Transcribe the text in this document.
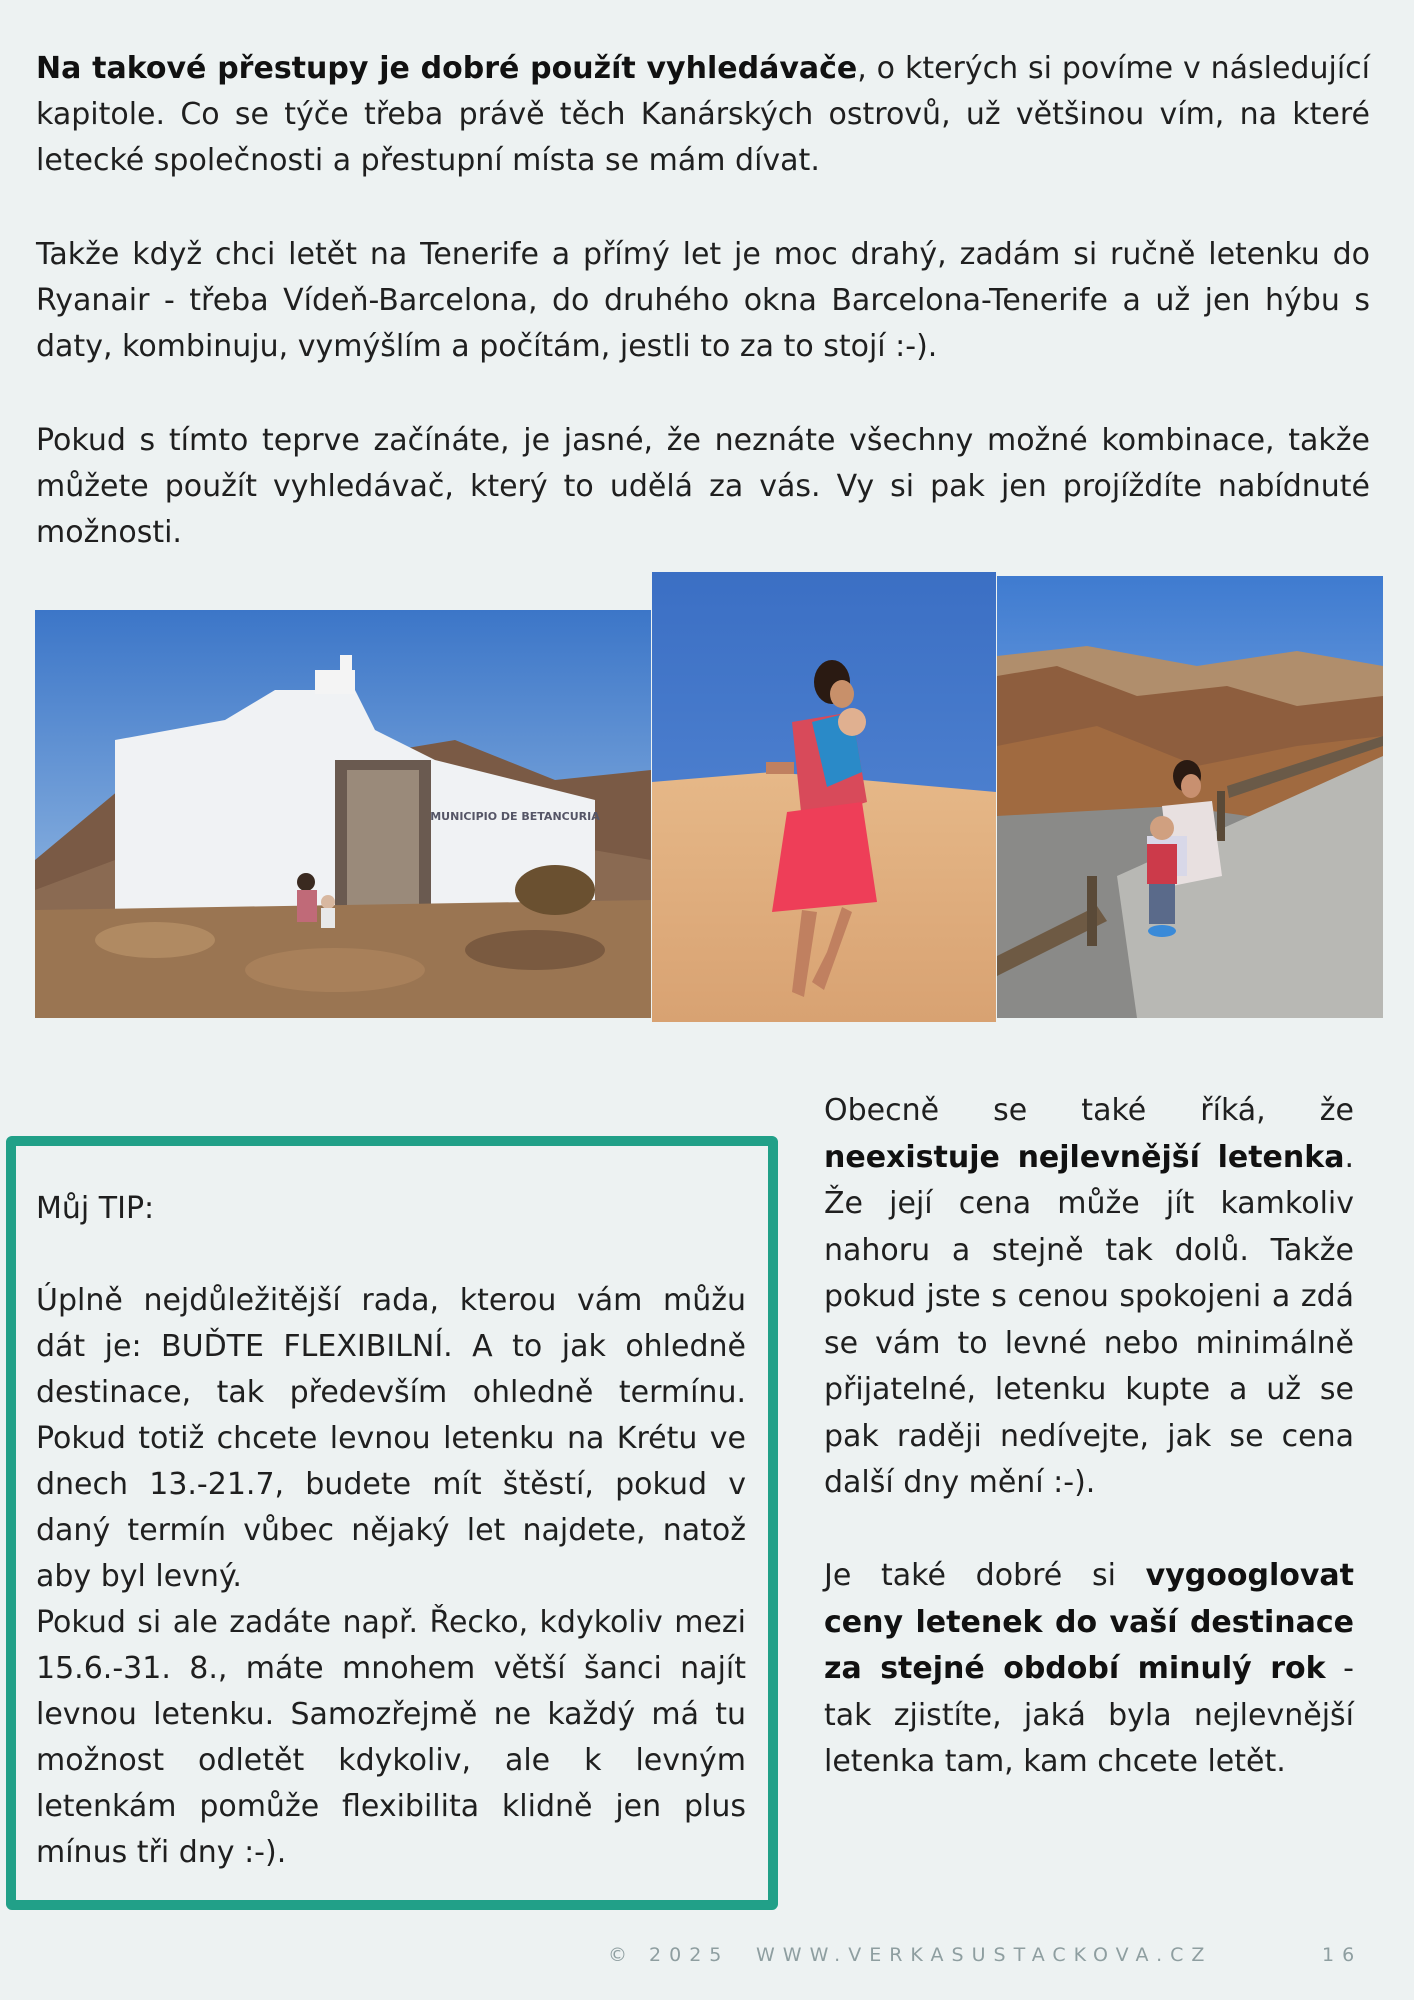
Na takové přestupy je dobré použít vyhledávače, o kterých si povíme v následující kapitole. Co se týče třeba právě těch Kanárských ostrovů, už většinou vím, na které letecké společnosti a přestupní místa se mám dívat.

Takže když chci letět na Tenerife a přímý let je moc drahý, zadám si ručně letenku do Ryanair - třeba Vídeň-Barcelona, do druhého okna Barcelona-Tenerife a už jen hýbu s daty, kombinuju, vymýšlím a počítám, jestli to za to stojí :-).

Pokud s tímto teprve začínáte, je jasné, že neznáte všechny možné kombinace, takže můžete použít vyhledávač, který to udělá za vás. Vy si pak jen projíždíte nabídnuté možnosti.

MUNICIPIO DE BETANCURIA

Můj TIP:

Úplně nejdůležitější rada, kterou vám můžu dát je: BUĎTE FLEXIBILNÍ. A to jak ohledně destinace, tak především ohledně termínu. Pokud totiž chcete levnou letenku na Krétu ve dnech 13.-21.7, budete mít štěstí, pokud v daný termín vůbec nějaký let najdete, natož aby byl levný.

Pokud si ale zadáte např. Řecko, kdykoliv mezi 15.6.-31. 8., máte mnohem větší šanci najít levnou letenku. Samozřejmě ne každý má tu možnost odletět kdykoliv, ale k levným letenkám pomůže flexibilita klidně jen plus mínus tři dny :-).

Obecně se také říká, že neexistuje nejlevnější letenka. Že její cena může jít kamkoliv nahoru a stejně tak dolů. Takže pokud jste s cenou spokojeni a zdá se vám to levné nebo minimálně přijatelné, letenku kupte a už se pak raději nedívejte, jak se cena další dny mění :-).

Je také dobré si vygooglovat ceny letenek do vaší destinace za stejné období minulý rok - tak zjistíte, jaká byla nejlevnější letenka tam, kam chcete letět.

© 2025 WWW.VERKASUSTACKOVA.CZ	16
